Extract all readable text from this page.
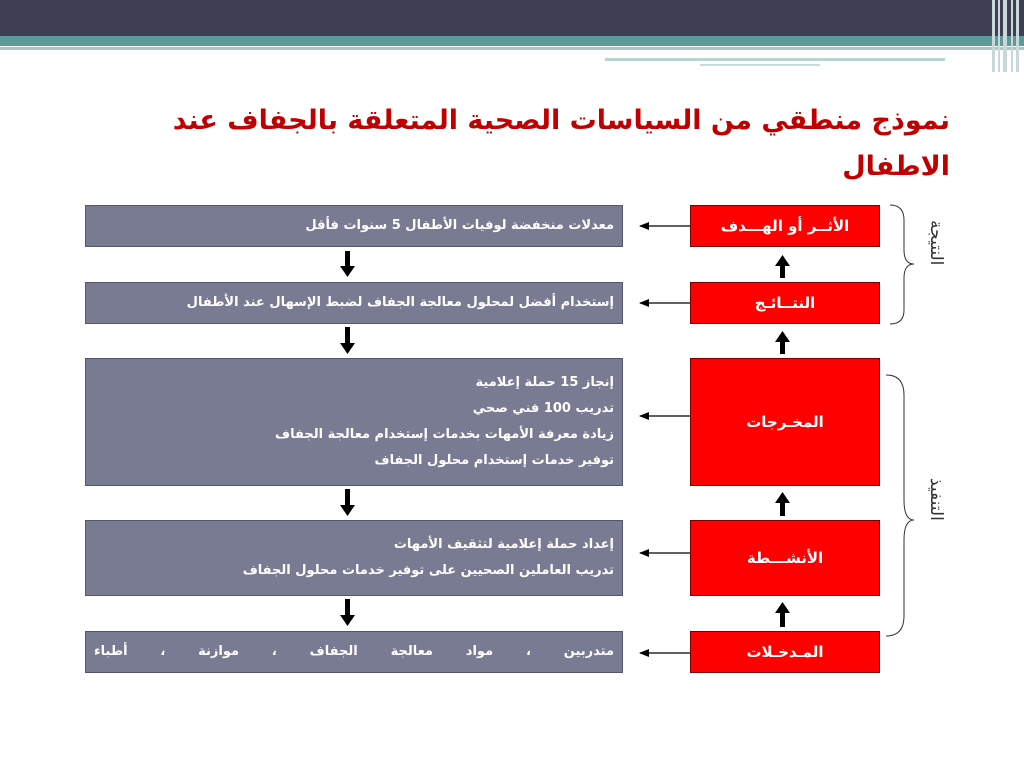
نموذج منطقي من السياسات الصحية المتعلقة بالجفاف عند الاطفال
معدلات منخفضة لوفيات الأطفال 5 سنوات فأقل
إستخدام أفضل لمحلول معالجة الجفاف لضبط الإسهال عند الأطفال
إنجاز 15 حملة إعلامية
تدريب 100 فني صحي
زيادة معرفة الأمهات بخدمات إستخدام معالجة الجفاف
توفير خدمات إستخدام محلول الجفاف
إعداد حملة إعلامية لتثقيف الأمهات
تدريب العاملين الصحيين على توفير خدمات محلول الجفاف
متدربين ، مواد معالجة الجفاف ، موازنة ، أطباء
الأثــر أو الهـــدف
النتــائـج
المخـرجات
الأنشـــطة
المـدخـلات
النتيجة
التنفيذ
